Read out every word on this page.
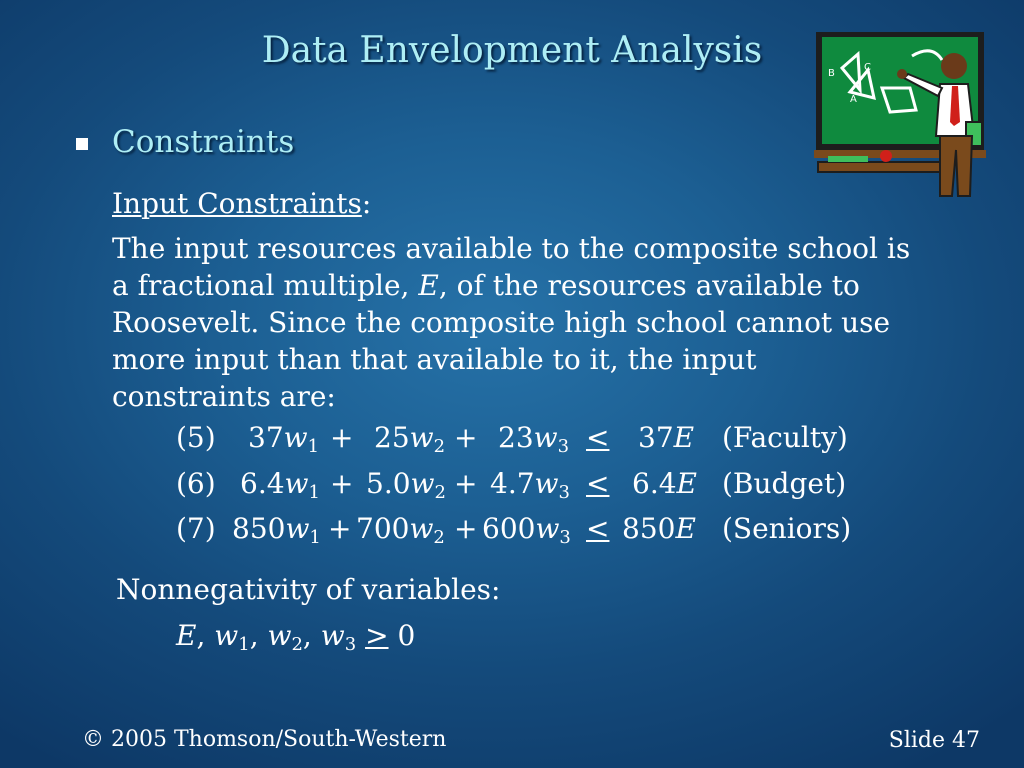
Data Envelopment Analysis
B
C
A
Constraints
Input Constraints:
The input resources available to the composite school is
a fractional multiple, E, of the resources available to
Roosevelt. Since the composite high school cannot use
more input than that available to it, the input
constraints are:
(5) $37w_1 + 25w_2 + 23w_3 \le 37E$ (Faculty)
(6) $6.4w_1 + 5.0w_2 + 4.7w_3 \le 6.4E$ (Budget)
(7) $850w_1 + 700w_2 + 600w_3 \le 850E$ (Seniors)
Nonnegativity of variables:
E, $w_1$, $w_2$, $w_3 \ge 0$
© 2005 Thomson/South-Western	Slide 47
